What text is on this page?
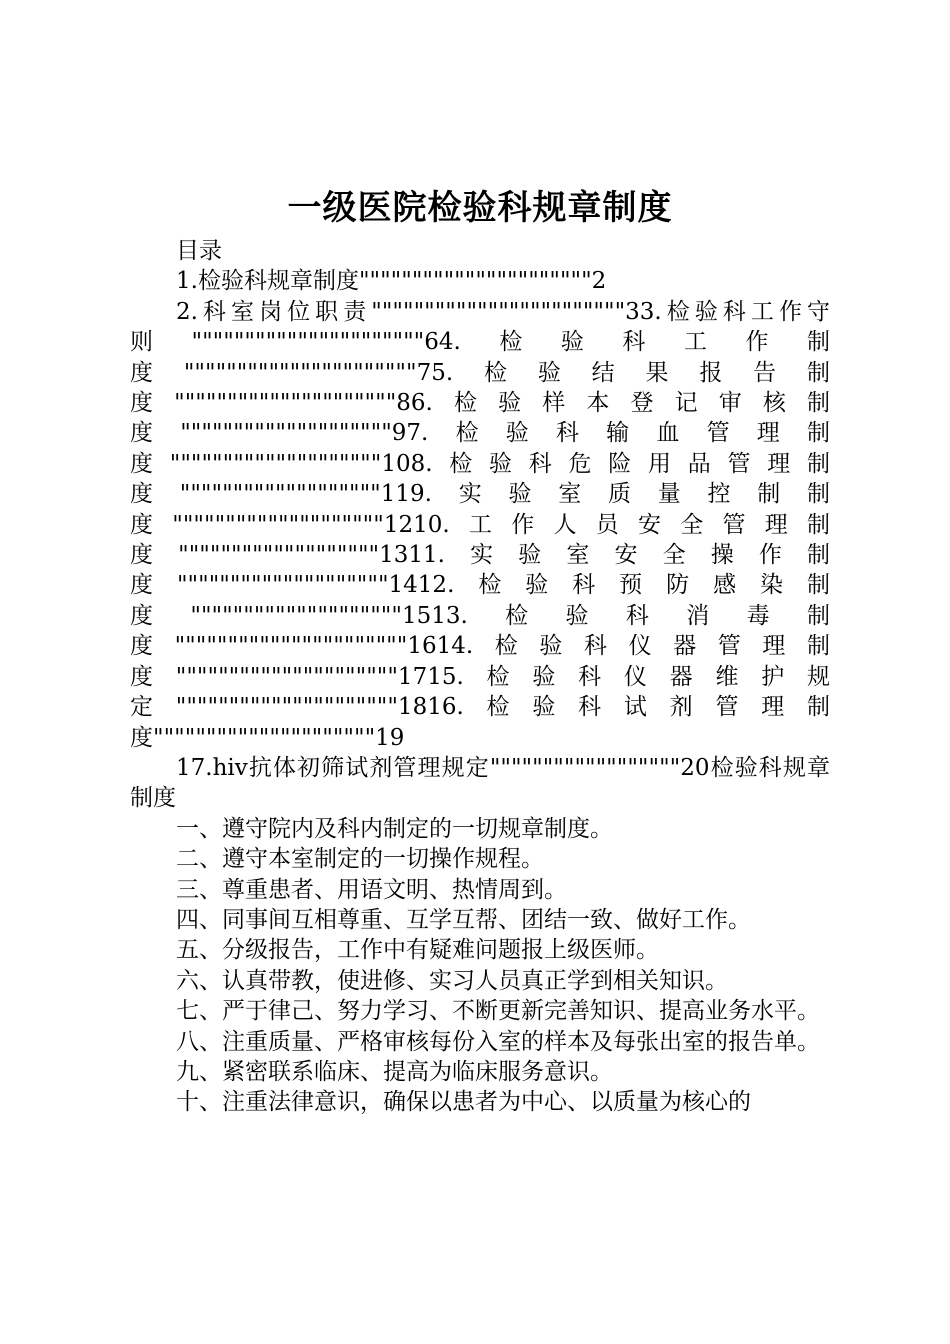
一级医院检验科规章制度

目录

1.检验科规章制度""""""""""""""""""""""2

2.科室岗位职责""""""""""""""""""""""""33.检验科工作守则""""""""""""""""""""""64.检验科工作制度""""""""""""""""""""""75.检验结果报告制度"""""""""""""""""""""86.检验样本登记审核制度""""""""""""""""""""97.检验科输血管理制度""""""""""""""""""""108.检验科危险用品管理制度"""""""""""""""""""119.实验室质量控制制度""""""""""""""""""""1210.工作人员安全管理制度"""""""""""""""""""1311.实验室安全操作制度""""""""""""""""""""1412.检验科预防感染制度""""""""""""""""""""1513.检验科消毒制度""""""""""""""""""""""1614.检验科仪器管理制度"""""""""""""""""""""1715.检验科仪器维护规定"""""""""""""""""""""1816.检验科试剂管理制度"""""""""""""""""""""19

17.hiv抗体初筛试剂管理规定""""""""""""""""""20检验科规章制度

一、遵守院内及科内制定的一切规章制度。

二、遵守本室制定的一切操作规程。

三、尊重患者、用语文明、热情周到。

四、同事间互相尊重、互学互帮、团结一致、做好工作。

五、分级报告，工作中有疑难问题报上级医师。

六、认真带教，使进修、实习人员真正学到相关知识。

七、严于律己、努力学习、不断更新完善知识、提高业务水平。

八、注重质量、严格审核每份入室的样本及每张出室的报告单。

九、紧密联系临床、提高为临床服务意识。

十、注重法律意识，确保以患者为中心、以质量为核心的
